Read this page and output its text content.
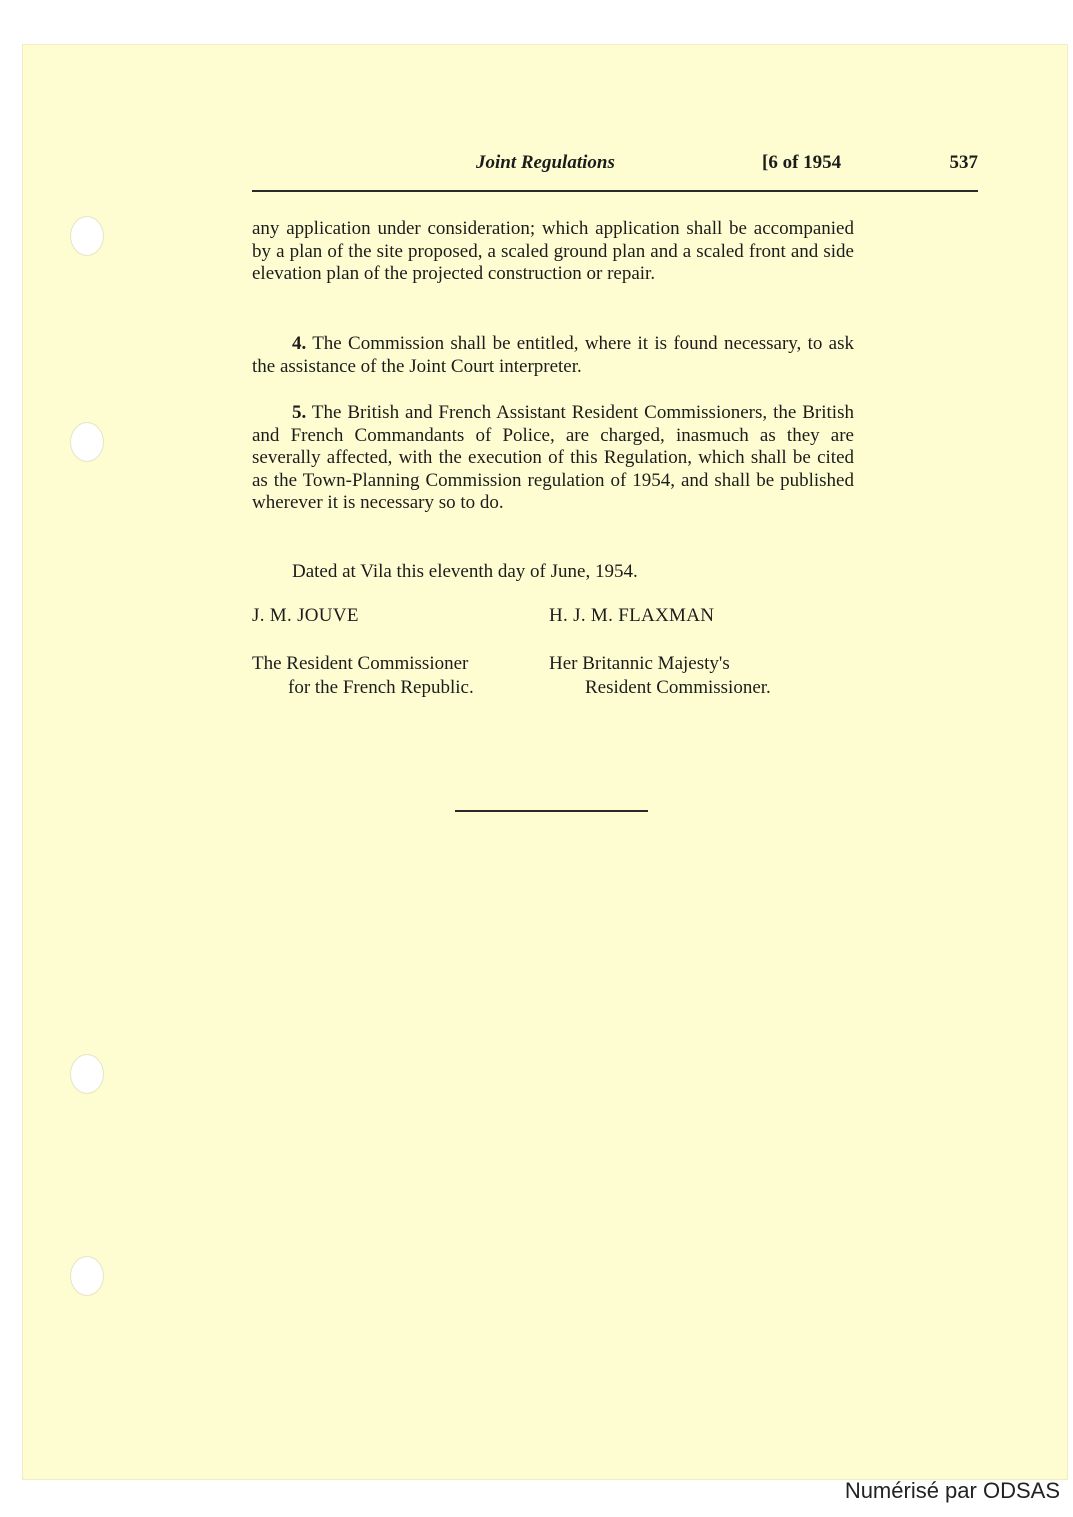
Joint Regulations	[6 of 1954	537

any application under consideration; which application shall be accompanied by a plan of the site proposed, a scaled ground plan and a scaled front and side elevation plan of the projected construction or repair.

4. The Commission shall be entitled, where it is found necessary, to ask the assistance of the Joint Court interpreter.

5. The British and French Assistant Resident Commissioners, the British and French Commandants of Police, are charged, inasmuch as they are severally affected, with the execution of this Regulation, which shall be cited as the Town-Planning Commission regulation of 1954, and shall be published wherever it is necessary so to do.

Dated at Vila this eleventh day of June, 1954.
J. M. JOUVE	H. J. M. FLAXMAN
The Resident Commissioner
for the French Republic.
Her Britannic Majesty's
Resident Commissioner.
Numérisé par ODSAS
